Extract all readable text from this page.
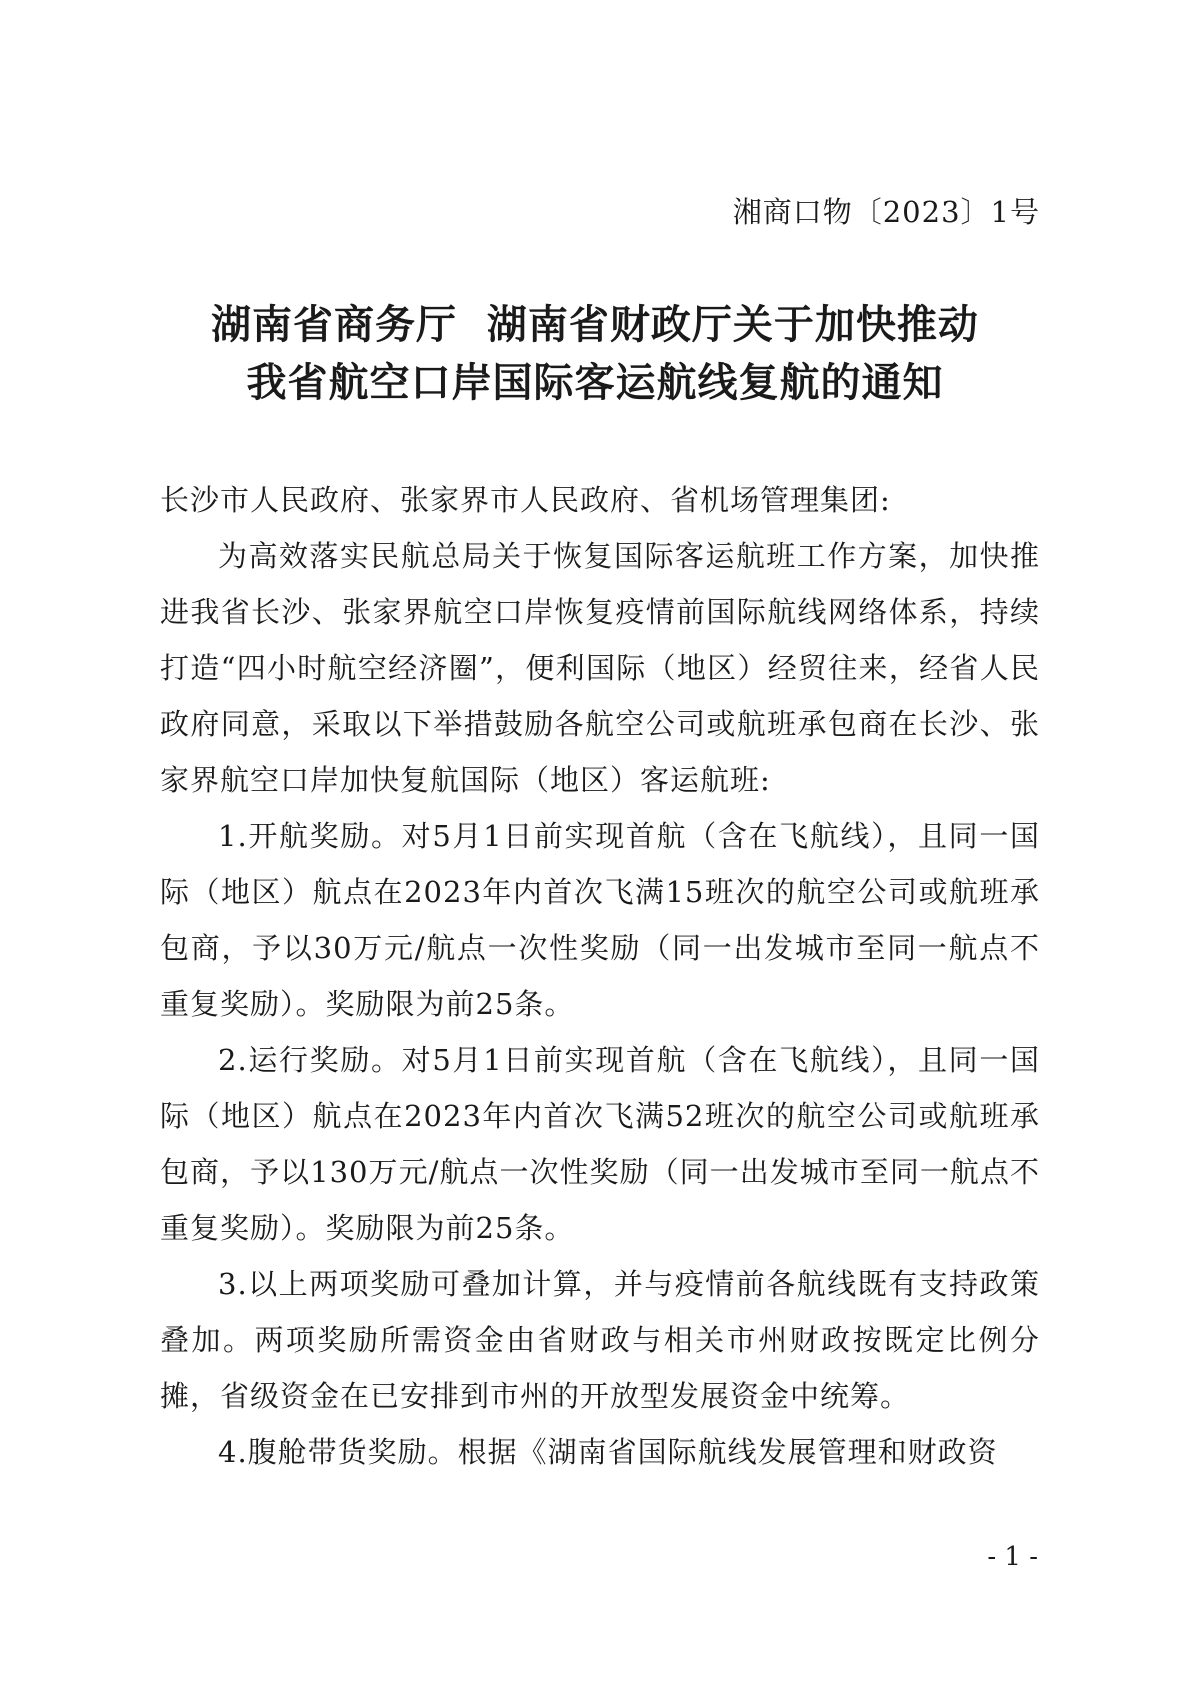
湘商口物〔2023〕1号
湖南省商务厅  湖南省财政厅关于加快推动
我省航空口岸国际客运航线复航的通知

长沙市人民政府、张家界市人民政府、省机场管理集团:

为高效落实民航总局关于恢复国际客运航班工作方案，加快推进我省长沙、张家界航空口岸恢复疫情前国际航线网络体系，持续打造“四小时航空经济圈”，便利国际（地区）经贸往来，经省人民政府同意，采取以下举措鼓励各航空公司或航班承包商在长沙、张家界航空口岸加快复航国际（地区）客运航班:

1.开航奖励。对5月1日前实现首航（含在飞航线），且同一国际（地区）航点在2023年内首次飞满15班次的航空公司或航班承包商，予以30万元/航点一次性奖励（同一出发城市至同一航点不重复奖励）。奖励限为前25条。

2.运行奖励。对5月1日前实现首航（含在飞航线），且同一国际（地区）航点在2023年内首次飞满52班次的航空公司或航班承包商，予以130万元/航点一次性奖励（同一出发城市至同一航点不重复奖励）。奖励限为前25条。

3.以上两项奖励可叠加计算，并与疫情前各航线既有支持政策叠加。两项奖励所需资金由省财政与相关市州财政按既定比例分摊，省级资金在已安排到市州的开放型发展资金中统筹。

4.腹舱带货奖励。根据《湖南省国际航线发展管理和财政资

- 1 -
